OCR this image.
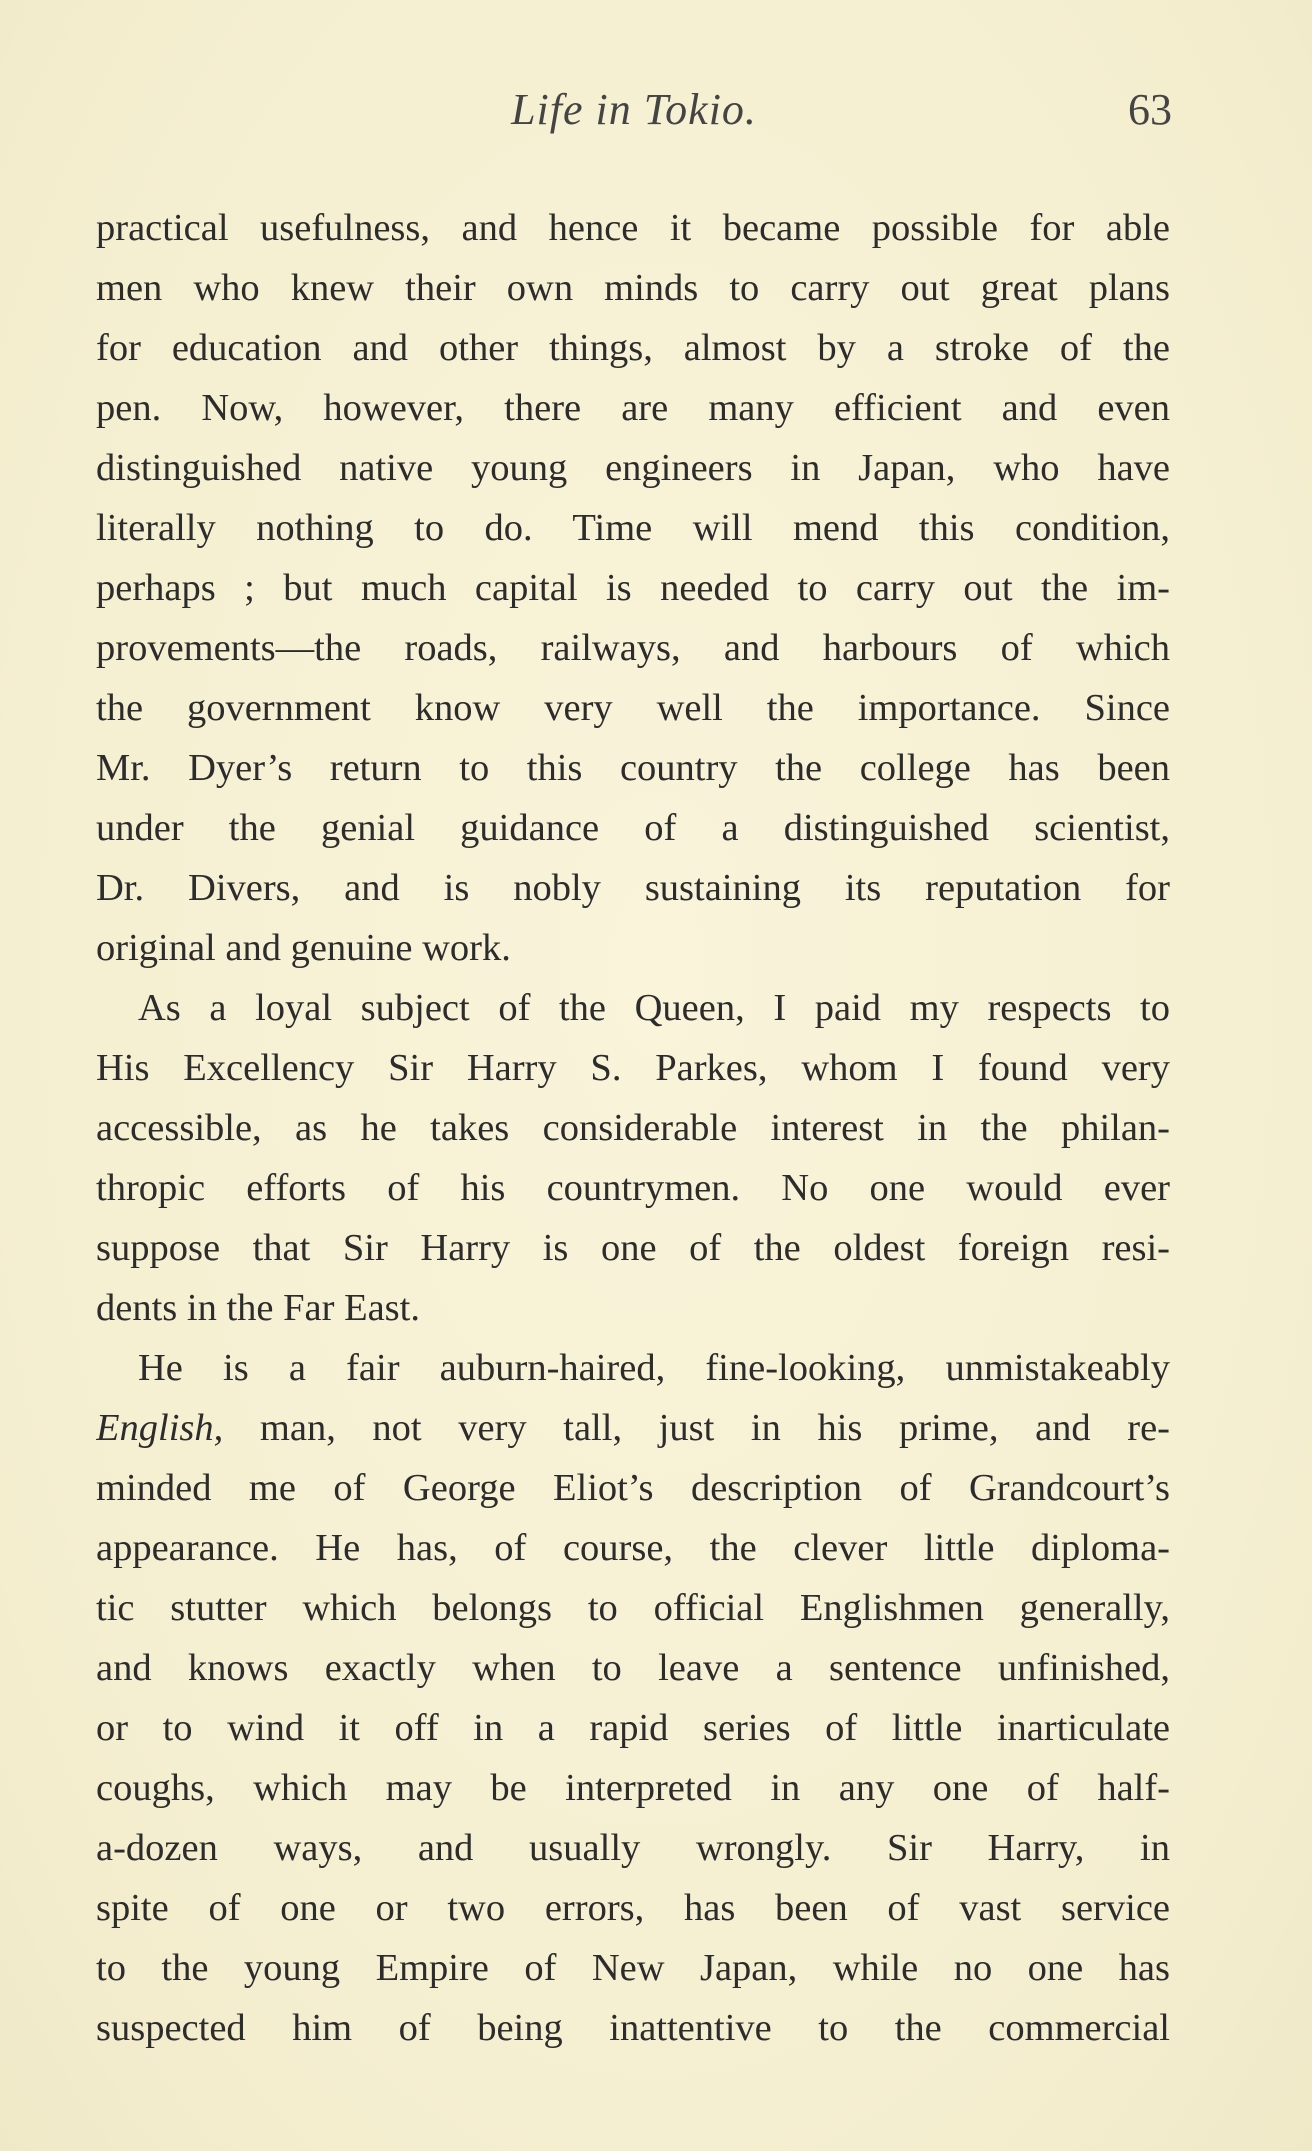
Life in Tokio.	63
practical usefulness, and hence it became possible for able
men who knew their own minds to carry out great plans
for education and other things, almost by a stroke of the
pen. Now, however, there are many efficient and even
distinguished native young engineers in Japan, who have
literally nothing to do. Time will mend this condition,
perhaps ; but much capital is needed to carry out the im-
provements—the roads, railways, and harbours of which
the government know very well the importance. Since
Mr. Dyer’s return to this country the college has been
under the genial guidance of a distinguished scientist,
Dr. Divers, and is nobly sustaining its reputation for
original and genuine work.
As a loyal subject of the Queen, I paid my respects to
His Excellency Sir Harry S. Parkes, whom I found very
accessible, as he takes considerable interest in the philan-
thropic efforts of his countrymen. No one would ever
suppose that Sir Harry is one of the oldest foreign resi-
dents in the Far East.
He is a fair auburn-haired, fine-looking, unmistakeably
English, man, not very tall, just in his prime, and re-
minded me of George Eliot’s description of Grandcourt’s
appearance. He has, of course, the clever little diploma-
tic stutter which belongs to official Englishmen generally,
and knows exactly when to leave a sentence unfinished,
or to wind it off in a rapid series of little inarticulate
coughs, which may be interpreted in any one of half-
a-dozen ways, and usually wrongly. Sir Harry, in
spite of one or two errors, has been of vast service
to the young Empire of New Japan, while no one has
suspected him of being inattentive to the commercial
